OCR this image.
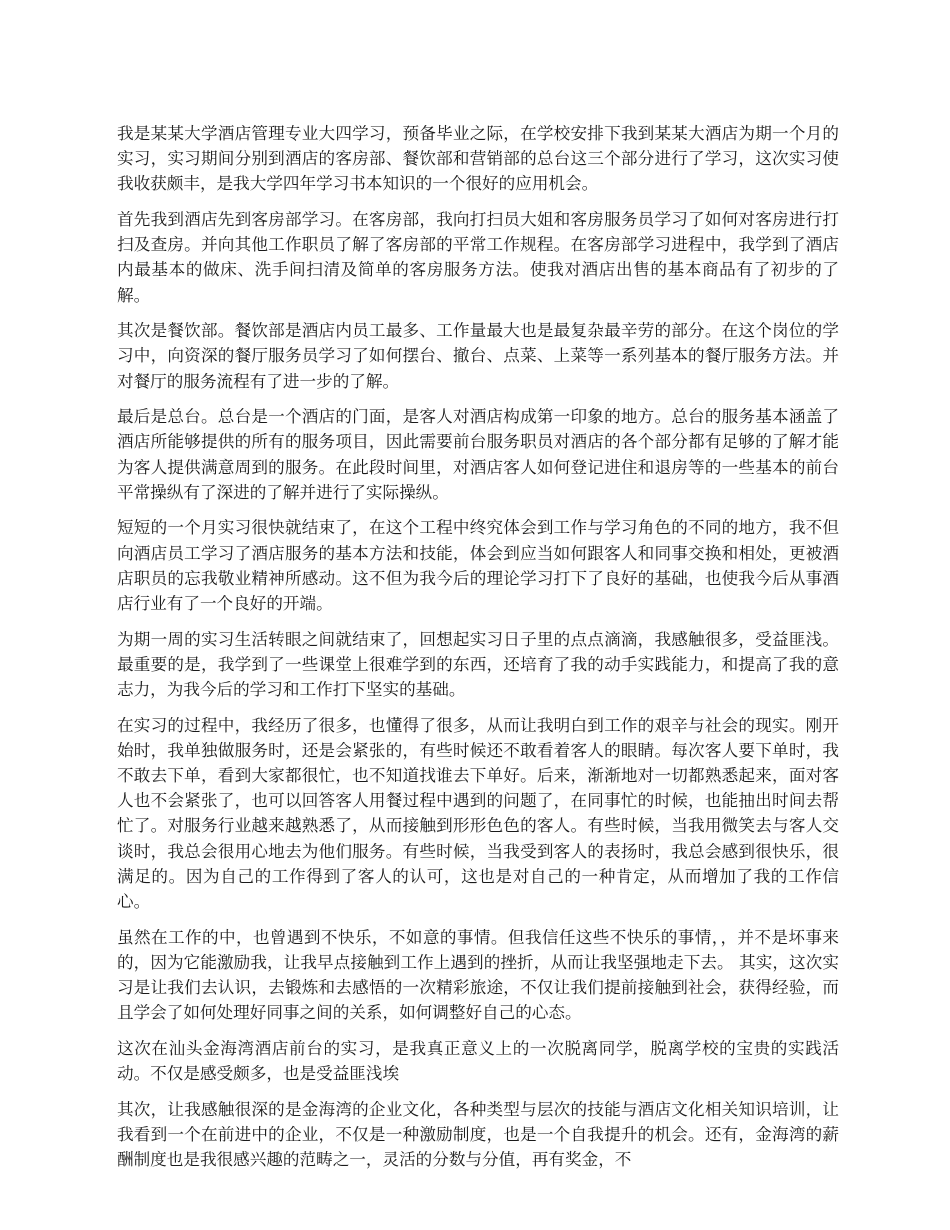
我是某某大学酒店管理专业大四学习，预备毕业之际，在学校安排下我到某某大酒店为期一个月的实习，实习期间分别到酒店的客房部、餐饮部和营销部的总台这三个部分进行了学习，这次实习使我收获颇丰，是我大学四年学习书本知识的一个很好的应用机会。

首先我到酒店先到客房部学习。在客房部，我向打扫员大姐和客房服务员学习了如何对客房进行打扫及查房。并向其他工作职员了解了客房部的平常工作规程。在客房部学习进程中，我学到了酒店内最基本的做床、洗手间扫清及简单的客房服务方法。使我对酒店出售的基本商品有了初步的了解。

其次是餐饮部。餐饮部是酒店内员工最多、工作量最大也是最复杂最辛劳的部分。在这个岗位的学习中，向资深的餐厅服务员学习了如何摆台、撤台、点菜、上菜等一系列基本的餐厅服务方法。并对餐厅的服务流程有了进一步的了解。

最后是总台。总台是一个酒店的门面，是客人对酒店构成第一印象的地方。总台的服务基本涵盖了酒店所能够提供的所有的服务项目，因此需要前台服务职员对酒店的各个部分都有足够的了解才能为客人提供满意周到的服务。在此段时间里，对酒店客人如何登记进住和退房等的一些基本的前台平常操纵有了深进的了解并进行了实际操纵。

短短的一个月实习很快就结束了，在这个工程中终究体会到工作与学习角色的不同的地方，我不但向酒店员工学习了酒店服务的基本方法和技能，体会到应当如何跟客人和同事交换和相处，更被酒店职员的忘我敬业精神所感动。这不但为我今后的理论学习打下了良好的基础，也使我今后从事酒店行业有了一个良好的开端。

为期一周的实习生活转眼之间就结束了，回想起实习日子里的点点滴滴，我感触很多，受益匪浅。最重要的是，我学到了一些课堂上很难学到的东西，还培育了我的动手实践能力，和提高了我的意志力，为我今后的学习和工作打下坚实的基础。

在实习的过程中，我经历了很多，也懂得了很多，从而让我明白到工作的艰辛与社会的现实。刚开始时，我单独做服务时，还是会紧张的，有些时候还不敢看着客人的眼睛。每次客人要下单时，我不敢去下单，看到大家都很忙，也不知道找谁去下单好。后来，渐渐地对一切都熟悉起来，面对客人也不会紧张了，也可以回答客人用餐过程中遇到的问题了，在同事忙的时候，也能抽出时间去帮忙了。对服务行业越来越熟悉了，从而接触到形形色色的客人。有些时候，当我用微笑去与客人交谈时，我总会很用心地去为他们服务。有些时候，当我受到客人的表扬时，我总会感到很快乐，很满足的。因为自己的工作得到了客人的认可，这也是对自己的一种肯定，从而增加了我的工作信心。

虽然在工作的中，也曾遇到不快乐，不如意的事情。但我信任这些不快乐的事情，，并不是坏事来的，因为它能激励我，让我早点接触到工作上遇到的挫折，从而让我坚强地走下去。 其实，这次实习是让我们去认识，去锻炼和去感悟的一次精彩旅途，不仅让我们提前接触到社会，获得经验，而且学会了如何处理好同事之间的关系，如何调整好自己的心态。

这次在汕头金海湾酒店前台的实习，是我真正意义上的一次脱离同学，脱离学校的宝贵的实践活动。不仅是感受颇多，也是受益匪浅埃

其次，让我感触很深的是金海湾的企业文化，各种类型与层次的技能与酒店文化相关知识培训，让我看到一个在前进中的企业，不仅是一种激励制度，也是一个自我提升的机会。还有，金海湾的薪酬制度也是我很感兴趣的范畴之一，灵活的分数与分值，再有奖金，不
